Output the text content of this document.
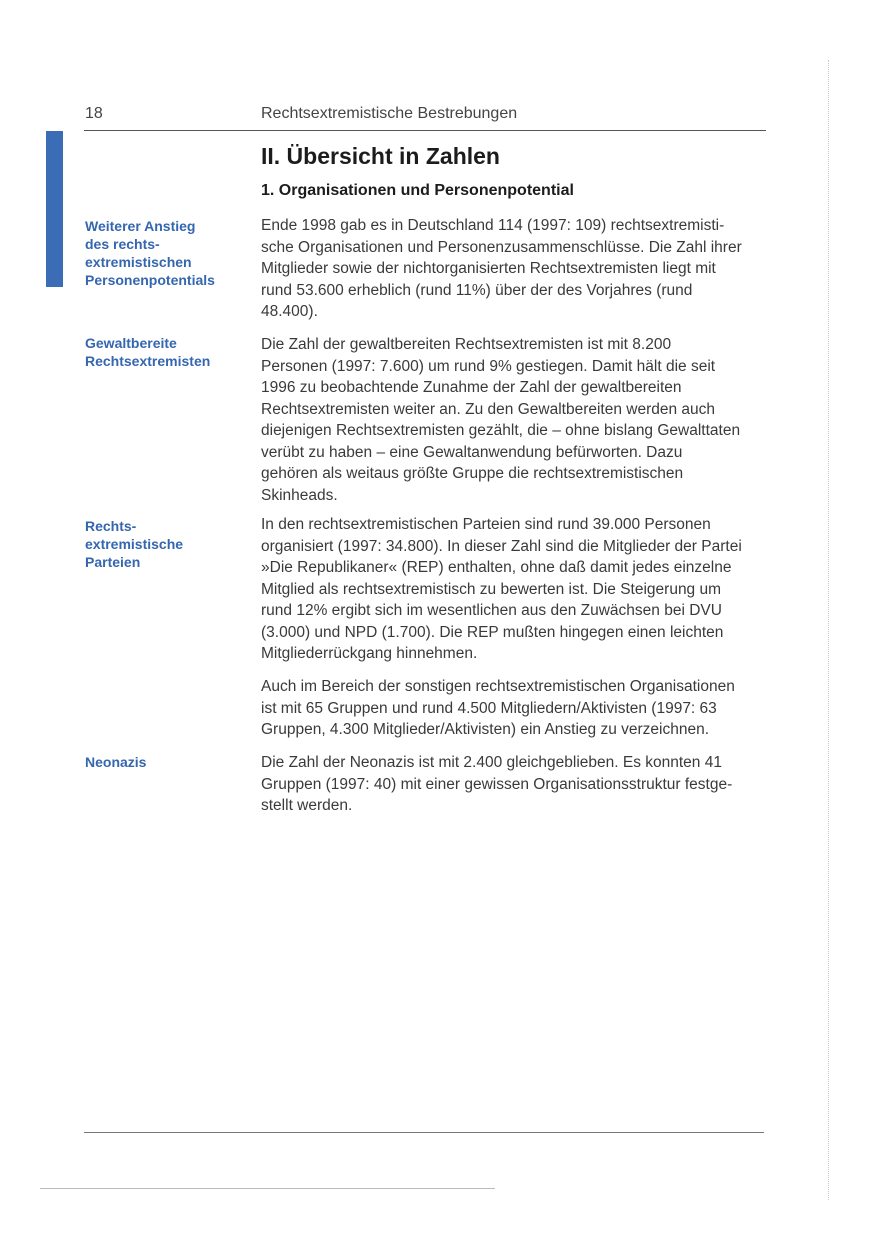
18	Rechtsextremistische Bestrebungen
II. Übersicht in Zahlen
1. Organisationen und Personenpotential
Weiterer Anstieg
des rechts-
extremistischen
Personenpotentials
Gewaltbereite
Rechtsextremisten
Rechts-
extremistische
Parteien
Neonazis
Ende 1998 gab es in Deutschland 114 (1997: 109) rechtsextremisti-
sche Organisationen und Personenzusammenschlüsse. Die Zahl ihrer
Mitglieder sowie der nichtorganisierten Rechtsextremisten liegt mit
rund 53.600 erheblich (rund 11%) über der des Vorjahres (rund
48.400).
Die Zahl der gewaltbereiten Rechtsextremisten ist mit 8.200
Personen (1997: 7.600) um rund 9% gestiegen. Damit hält die seit
1996 zu beobachtende Zunahme der Zahl der gewaltbereiten
Rechtsextremisten weiter an. Zu den Gewaltbereiten werden auch
diejenigen Rechtsextremisten gezählt, die – ohne bislang Gewalttaten
verübt zu haben – eine Gewaltanwendung befürworten. Dazu
gehören als weitaus größte Gruppe die rechtsextremistischen
Skinheads.
In den rechtsextremistischen Parteien sind rund 39.000 Personen
organisiert (1997: 34.800). In dieser Zahl sind die Mitglieder der Partei
»Die Republikaner« (REP) enthalten, ohne daß damit jedes einzelne
Mitglied als rechtsextremistisch zu bewerten ist. Die Steigerung um
rund 12% ergibt sich im wesentlichen aus den Zuwächsen bei DVU
(3.000) und NPD (1.700). Die REP mußten hingegen einen leichten
Mitgliederrückgang hinnehmen.
Auch im Bereich der sonstigen rechtsextremistischen Organisationen
ist mit 65 Gruppen und rund 4.500 Mitgliedern/Aktivisten (1997: 63
Gruppen, 4.300 Mitglieder/Aktivisten) ein Anstieg zu verzeichnen.
Die Zahl der Neonazis ist mit 2.400 gleichgeblieben. Es konnten 41
Gruppen (1997: 40) mit einer gewissen Organisationsstruktur festge-
stellt werden.
